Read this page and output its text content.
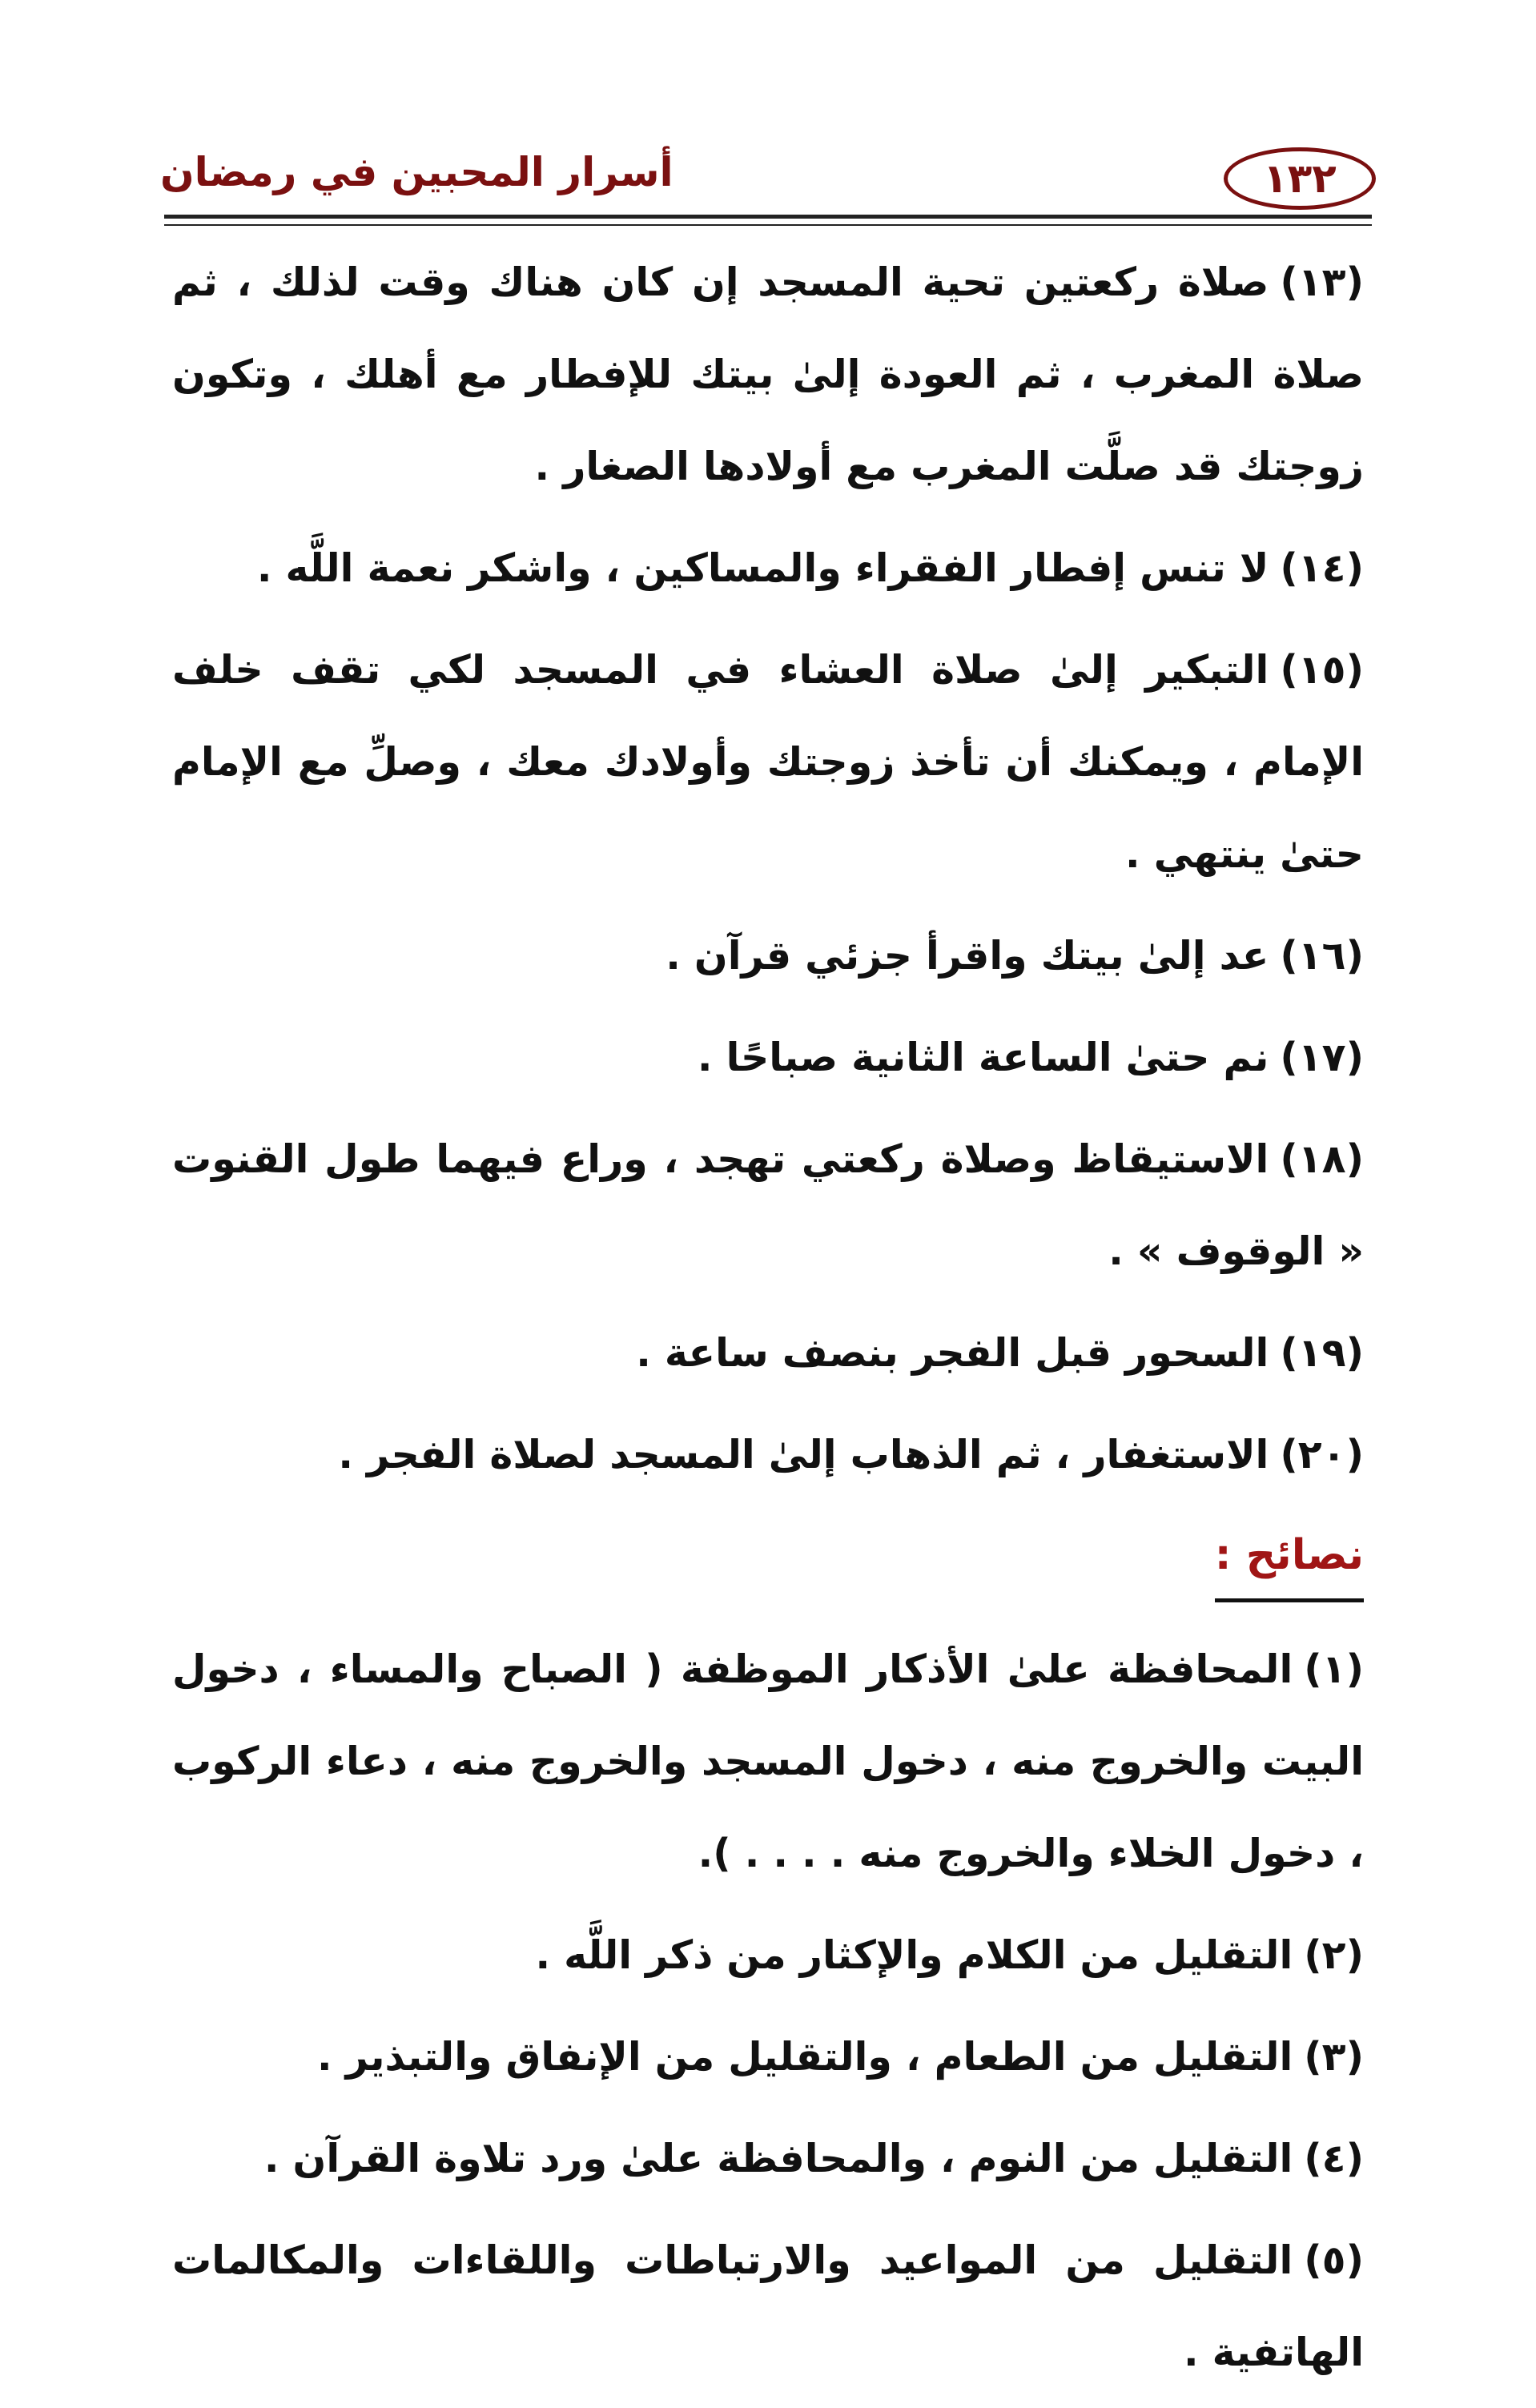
١٣٢
أسرار المحبين في رمضان

(١٣)صلاة ركعتين تحية المسجد إن كان هناك وقت لذلك ، ثم صلاة المغرب ، ثم العودة إلىٰ بيتك للإفطار مع أهلك ، وتكون زوجتك قد صلَّت المغرب مع أولادها الصغار .

(١٤)لا تنس إفطار الفقراء والمساكين ، واشكر نعمة اللَّه .

(١٥)التبكير إلىٰ صلاة العشاء في المسجد لكي تقف خلف الإمام ، ويمكنك أن تأخذ زوجتك وأولادك معك ، وصلِّ مع الإمام حتىٰ ينتهي .

(١٦)عد إلىٰ بيتك واقرأ جزئي قرآن .

(١٧)نم حتىٰ الساعة الثانية صباحًا .

(١٨)الاستيقاظ وصلاة ركعتي تهجد ، وراع فيهما طول القنوت « الوقوف » .

(١٩)السحور قبل الفجر بنصف ساعة .

(٢٠)الاستغفار ، ثم الذهاب إلىٰ المسجد لصلاة الفجر .

نصائح :

(١)المحافظة علىٰ الأذكار الموظفة ( الصباح والمساء ، دخول البيت والخروج منه ، دخول المسجد والخروج منه ، دعاء الركوب ، دخول الخلاء والخروج منه . . . . ).

(٢)التقليل من الكلام والإكثار من ذكر اللَّه .

(٣)التقليل من الطعام ، والتقليل من الإنفاق والتبذير .

(٤)التقليل من النوم ، والمحافظة علىٰ ورد تلاوة القرآن .

(٥)التقليل من المواعيد والارتباطات واللقاءات والمكالمات الهاتفية .
